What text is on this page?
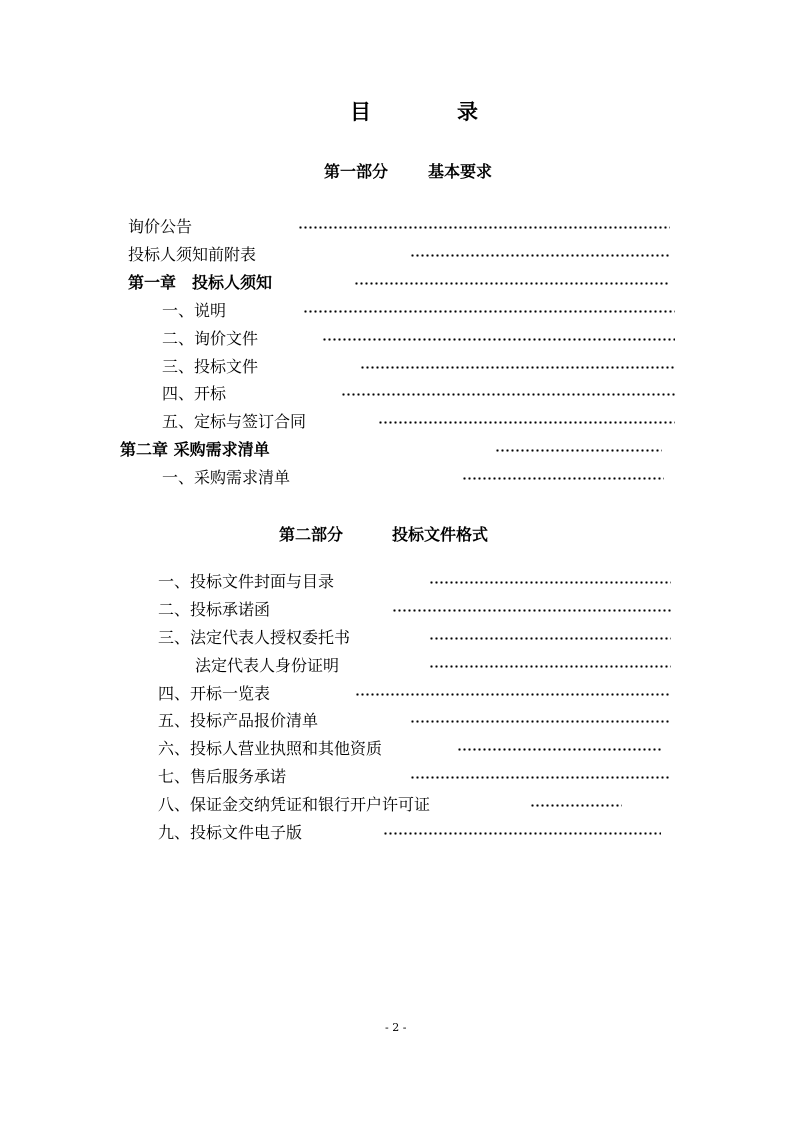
目	录
第一部分 基本要求
询价公告
投标人须知前附表
第一章　投标人须知
一、说明
二、询价文件
三、投标文件
四、开标
五、定标与签订合同
第二章 采购需求清单
一、采购需求清单
第二部分	投标文件格式
一、投标文件封面与目录
二、投标承诺函
三、法定代表人授权委托书
法定代表人身份证明
四、开标一览表
五、投标产品报价清单
六、投标人营业执照和其他资质
七、售后服务承诺
八、保证金交纳凭证和银行开户许可证
九、投标文件电子版
- 2 -
